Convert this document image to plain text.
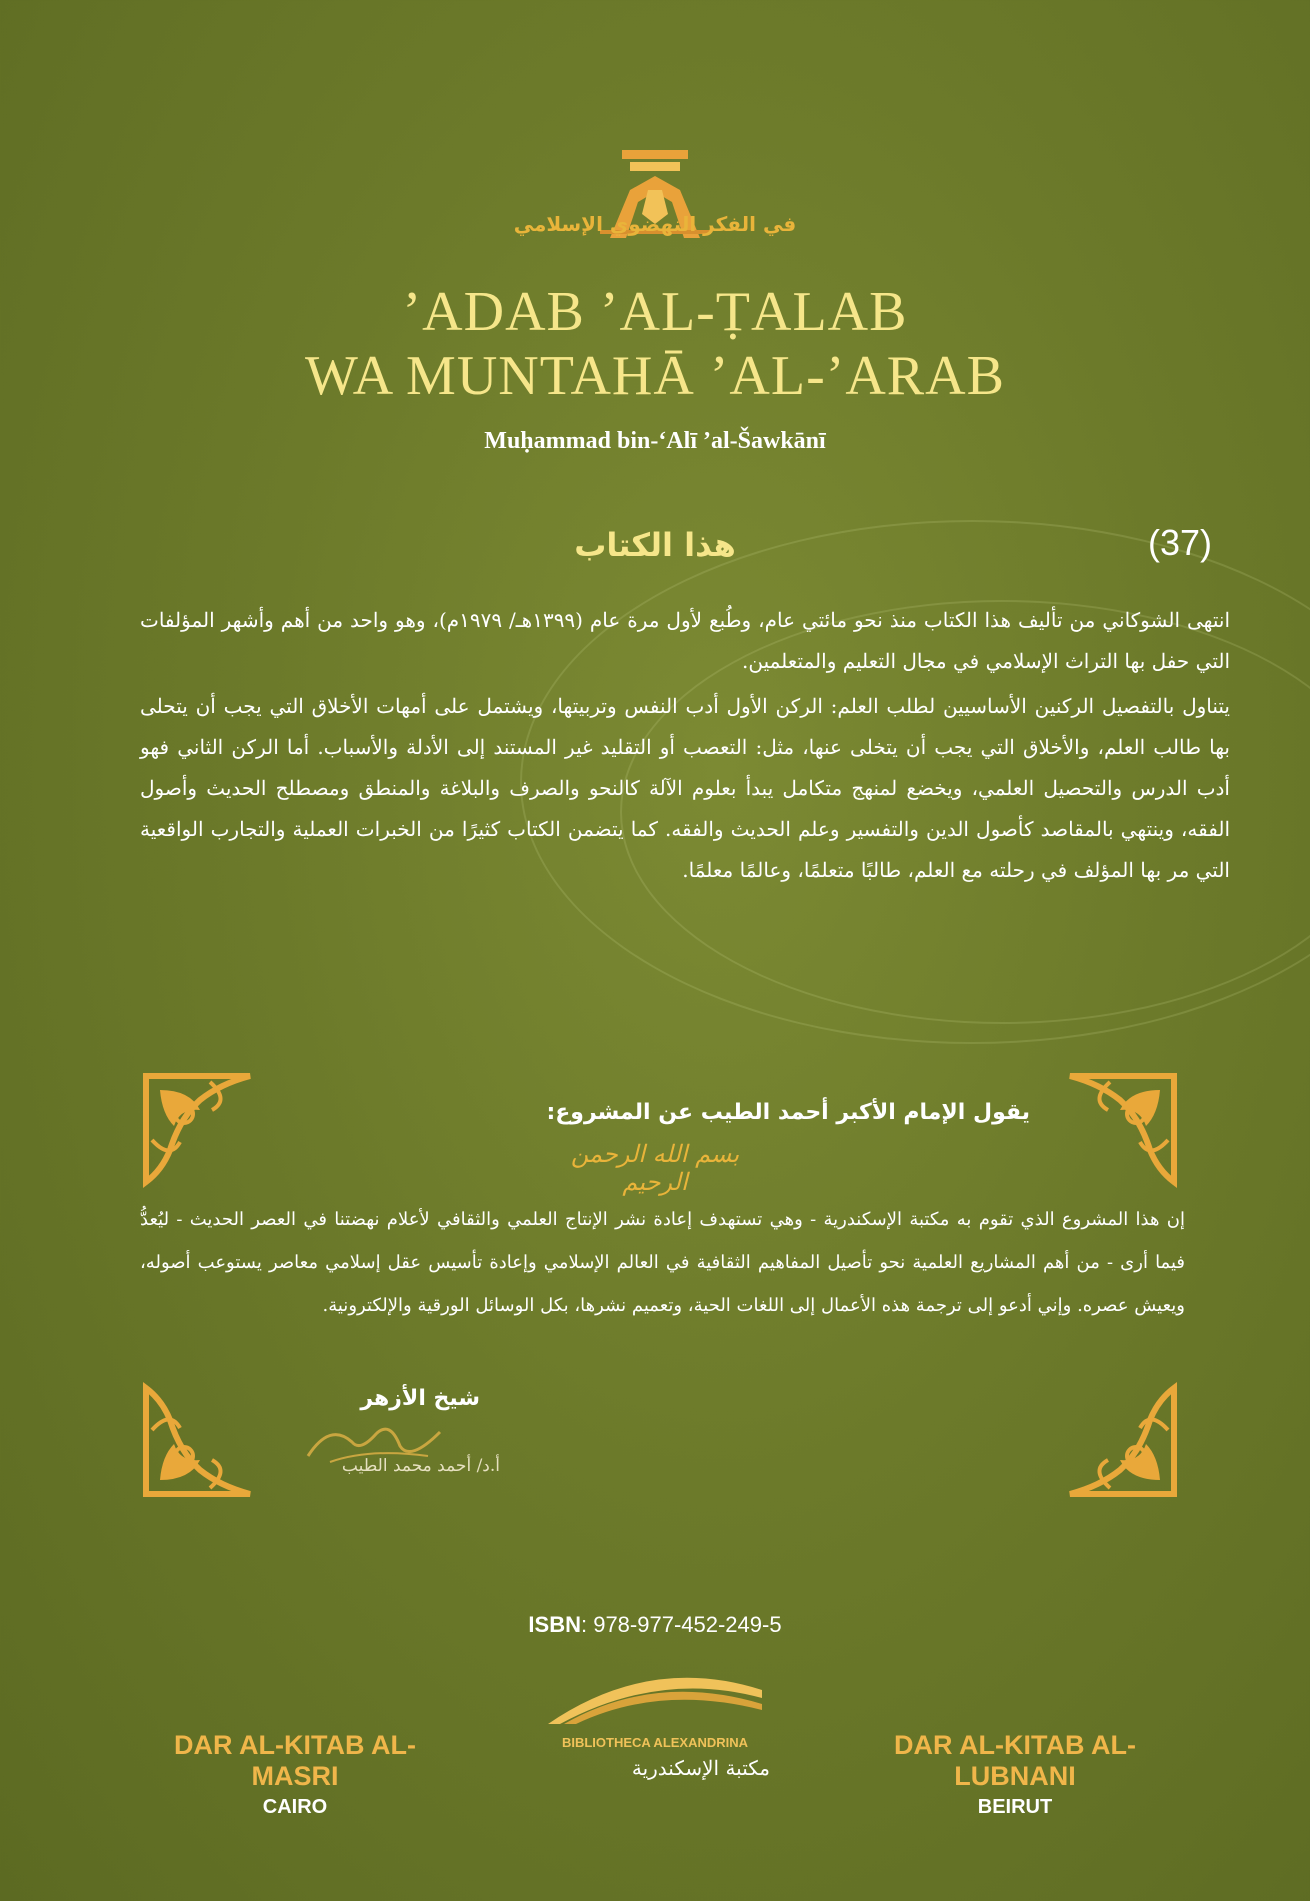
في الفكر النهضوي الإسلامي
’ADAB ’AL-ṬALAB
WA MUNTAHĀ ’AL-’ARAB
Muḥammad bin-‘Alī ’al-Šawkānī
(37)
هذا الكتاب

انتهى الشوكاني من تأليف هذا الكتاب منذ نحو مائتي عام، وطُبع لأول مرة عام (١٣٩٩هـ/ ١٩٧٩م)، وهو واحد من أهم وأشهر المؤلفات التي حفل بها التراث الإسلامي في مجال التعليم والمتعلمين.

يتناول بالتفصيل الركنين الأساسيين لطلب العلم: الركن الأول أدب النفس وتربيتها، ويشتمل على أمهات الأخلاق التي يجب أن يتحلى بها طالب العلم، والأخلاق التي يجب أن يتخلى عنها، مثل: التعصب أو التقليد غير المستند إلى الأدلة والأسباب. أما الركن الثاني فهو أدب الدرس والتحصيل العلمي، ويخضع لمنهج متكامل يبدأ بعلوم الآلة كالنحو والصرف والبلاغة والمنطق ومصطلح الحديث وأصول الفقه، وينتهي بالمقاصد كأصول الدين والتفسير وعلم الحديث والفقه. كما يتضمن الكتاب كثيرًا من الخبرات العملية والتجارب الواقعية التي مر بها المؤلف في رحلته مع العلم، طالبًا متعلمًا، وعالمًا معلمًا.

يقول الإمام الأكبر أحمد الطيب عن المشروع:
بسم الله الرحمن الرحيم
إن هذا المشروع الذي تقوم به مكتبة الإسكندرية - وهي تستهدف إعادة نشر الإنتاج العلمي والثقافي لأعلام نهضتنا في العصر الحديث - ليُعدُّ فيما أرى - من أهم المشاريع العلمية نحو تأصيل المفاهيم الثقافية في العالم الإسلامي وإعادة تأسيس عقل إسلامي معاصر يستوعب أصوله، ويعيش عصره. وإني أدعو إلى ترجمة هذه الأعمال إلى اللغات الحية، وتعميم نشرها، بكل الوسائل الورقية والإلكترونية.
شيخ الأزهر
أ.د/ أحمد محمد الطيب
ISBN: 978-977-452-249-5
DAR AL-KITAB AL-MASRI
CAIRO
BIBLIOTHECA ALEXANDRINA
مكتبة الإسكندرية
DAR AL-KITAB AL-LUBNANI
BEIRUT
